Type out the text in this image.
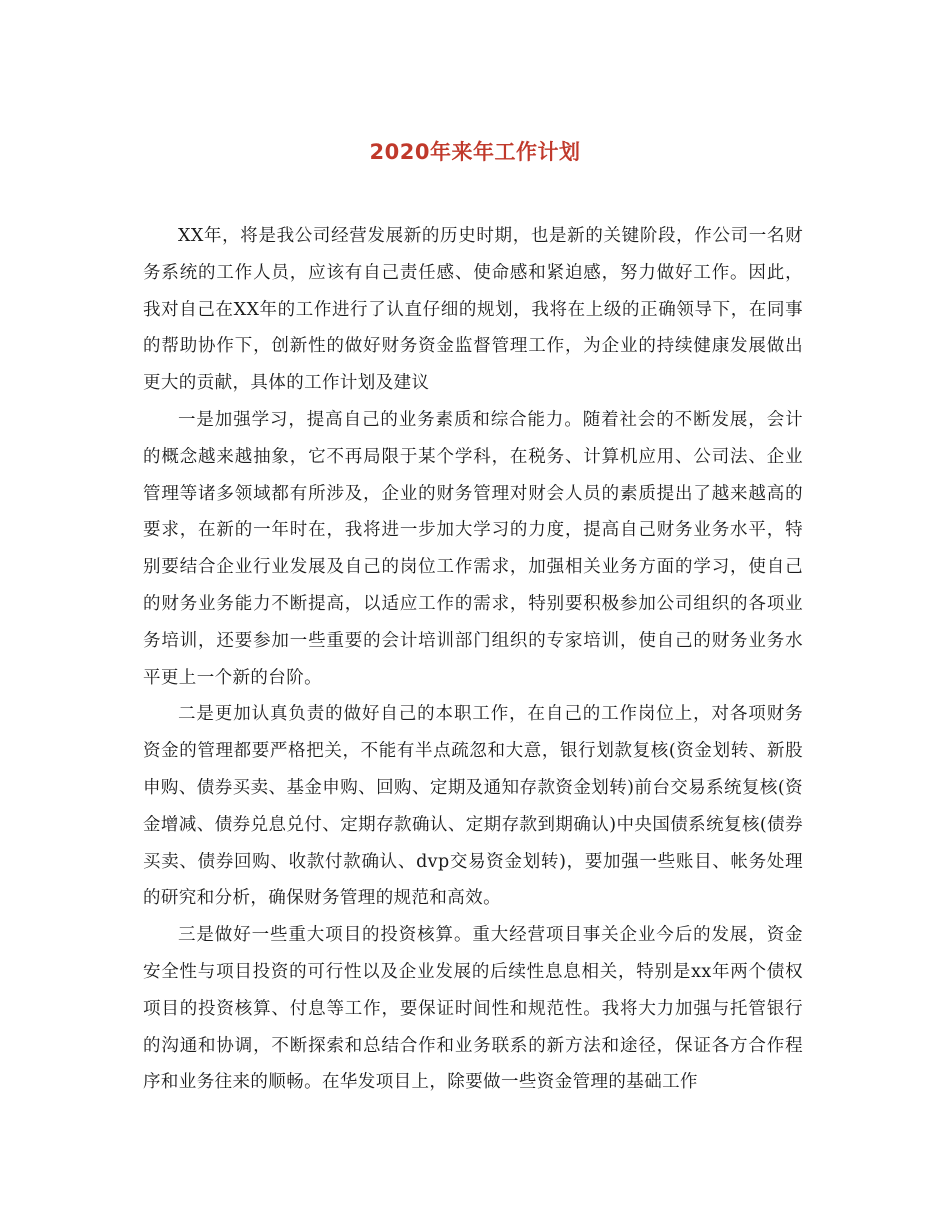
2020年来年工作计划

XX年，将是我公司经营发展新的历史时期，也是新的关键阶段，作公司一名财务系统的工作人员，应该有自己责任感、使命感和紧迫感，努力做好工作。因此，我对自己在XX年的工作进行了认直仔细的规划，我将在上级的正确领导下，在同事的帮助协作下，创新性的做好财务资金监督管理工作，为企业的持续健康发展做出更大的贡献，具体的工作计划及建议

一是加强学习，提高自己的业务素质和综合能力。随着社会的不断发展，会计的概念越来越抽象，它不再局限于某个学科，在税务、计算机应用、公司法、企业管理等诸多领域都有所涉及，企业的财务管理对财会人员的素质提出了越来越高的要求，在新的一年时在，我将进一步加大学习的力度，提高自己财务业务水平，特别要结合企业行业发展及自己的岗位工作需求，加强相关业务方面的学习，使自己的财务业务能力不断提高，以适应工作的需求，特别要积极参加公司组织的各项业务培训，还要参加一些重要的会计培训部门组织的专家培训，使自己的财务业务水平更上一个新的台阶。

二是更加认真负责的做好自己的本职工作，在自己的工作岗位上，对各项财务资金的管理都要严格把关，不能有半点疏忽和大意，银行划款复核(资金划转、新股申购、债券买卖、基金申购、回购、定期及通知存款资金划转)前台交易系统复核(资金增减、债券兑息兑付、定期存款确认、定期存款到期确认)中央国债系统复核(债券买卖、债券回购、收款付款确认、dvp交易资金划转)，要加强一些账目、帐务处理的研究和分析，确保财务管理的规范和高效。

三是做好一些重大项目的投资核算。重大经营项目事关企业今后的发展，资金安全性与项目投资的可行性以及企业发展的后续性息息相关，特别是xx年两个债权项目的投资核算、付息等工作，要保证时间性和规范性。我将大力加强与托管银行的沟通和协调，不断探索和总结合作和业务联系的新方法和途径，保证各方合作程序和业务往来的顺畅。在华发项目上，除要做一些资金管理的基础工作
